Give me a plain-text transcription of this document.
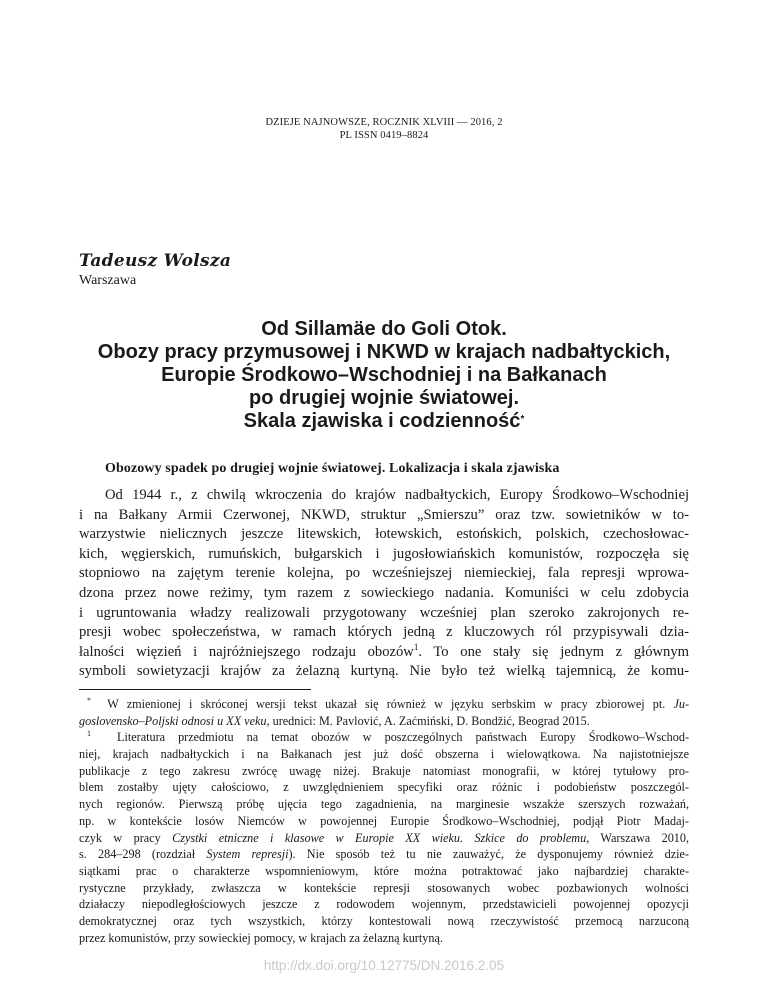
DZIEJE NAJNOWSZE, ROCZNIK XLVIII — 2016, 2
PL ISSN 0419–8824
Tadeusz Wolsza
Warszawa
Od Sillamäe do Goli Otok.
Obozy pracy przymusowej i NKWD w krajach nadbałtyckich,
Europie Środkowo–Wschodniej i na Bałkanach
po drugiej wojnie światowej.
Skala zjawiska i codzienność*
Obozowy spadek po drugiej wojnie światowej. Lokalizacja i skala zjawiska
Od 1944 r., z chwilą wkroczenia do krajów nadbałtyckich, Europy Środkowo–Wschodniej
i na Bałkany Armii Czerwonej, NKWD, struktur „Smierszu” oraz tzw. sowietników w to-
warzystwie nielicznych jeszcze litewskich, łotewskich, estońskich, polskich, czechosłowac-
kich, węgierskich, rumuńskich, bułgarskich i jugosłowiańskich komunistów, rozpoczęła się
stopniowo na zajętym terenie kolejna, po wcześniejszej niemieckiej, fala represji wprowa-
dzona przez nowe reżimy, tym razem z sowieckiego nadania. Komuniści w celu zdobycia
i ugruntowania władzy realizowali przygotowany wcześniej plan szeroko zakrojonych re-
presji wobec społeczeństwa, w ramach których jedną z kluczowych ról przypisywali dzia-
łalności więzień i najróżniejszego rodzaju obozów$^1$. To one stały się jednym z głównym
symboli sowietyzacji krajów za żelazną kurtyną. Nie było też wielką tajemnicą, że komu-
* W zmienionej i skróconej wersji tekst ukazał się również w języku serbskim w pracy zbiorowej pt. Ju-
goslovensko–Poljski odnosi u XX veku, urednici: M. Pavlović, A. Zaćmiński, D. Bondžić, Beograd 2015.
$^1$ Literatura przedmiotu na temat obozów w poszczególnych państwach Europy Środkowo–Wschod-
niej, krajach nadbałtyckich i na Bałkanach jest już dość obszerna i wielowątkowa. Na najistotniejsze
publikacje z tego zakresu zwrócę uwagę niżej. Brakuje natomiast monografii, w której tytułowy pro-
blem zostałby ujęty całościowo, z uwzględnieniem specyfiki oraz różnic i podobieństw poszczegól-
nych regionów. Pierwszą próbę ujęcia tego zagadnienia, na marginesie wszakże szerszych rozważań,
np. w kontekście losów Niemców w powojennej Europie Środkowo–Wschodniej, podjął Piotr Madaj-
czyk w pracy Czystki etniczne i klasowe w Europie XX wieku. Szkice do problemu, Warszawa 2010,
s. 284–298 (rozdział System represji). Nie sposób też tu nie zauważyć, że dysponujemy również dzie-
siątkami prac o charakterze wspomnieniowym, które można potraktować jako najbardziej charakte-
rystyczne przykłady, zwłaszcza w kontekście represji stosowanych wobec pozbawionych wolności
działaczy niepodległościowych jeszcze z rodowodem wojennym, przedstawicieli powojennej opozycji
demokratycznej oraz tych wszystkich, którzy kontestowali nową rzeczywistość przemocą narzuconą
przez komunistów, przy sowieckiej pomocy, w krajach za żelazną kurtyną.
http://dx.doi.org/10.12775/DN.2016.2.05
